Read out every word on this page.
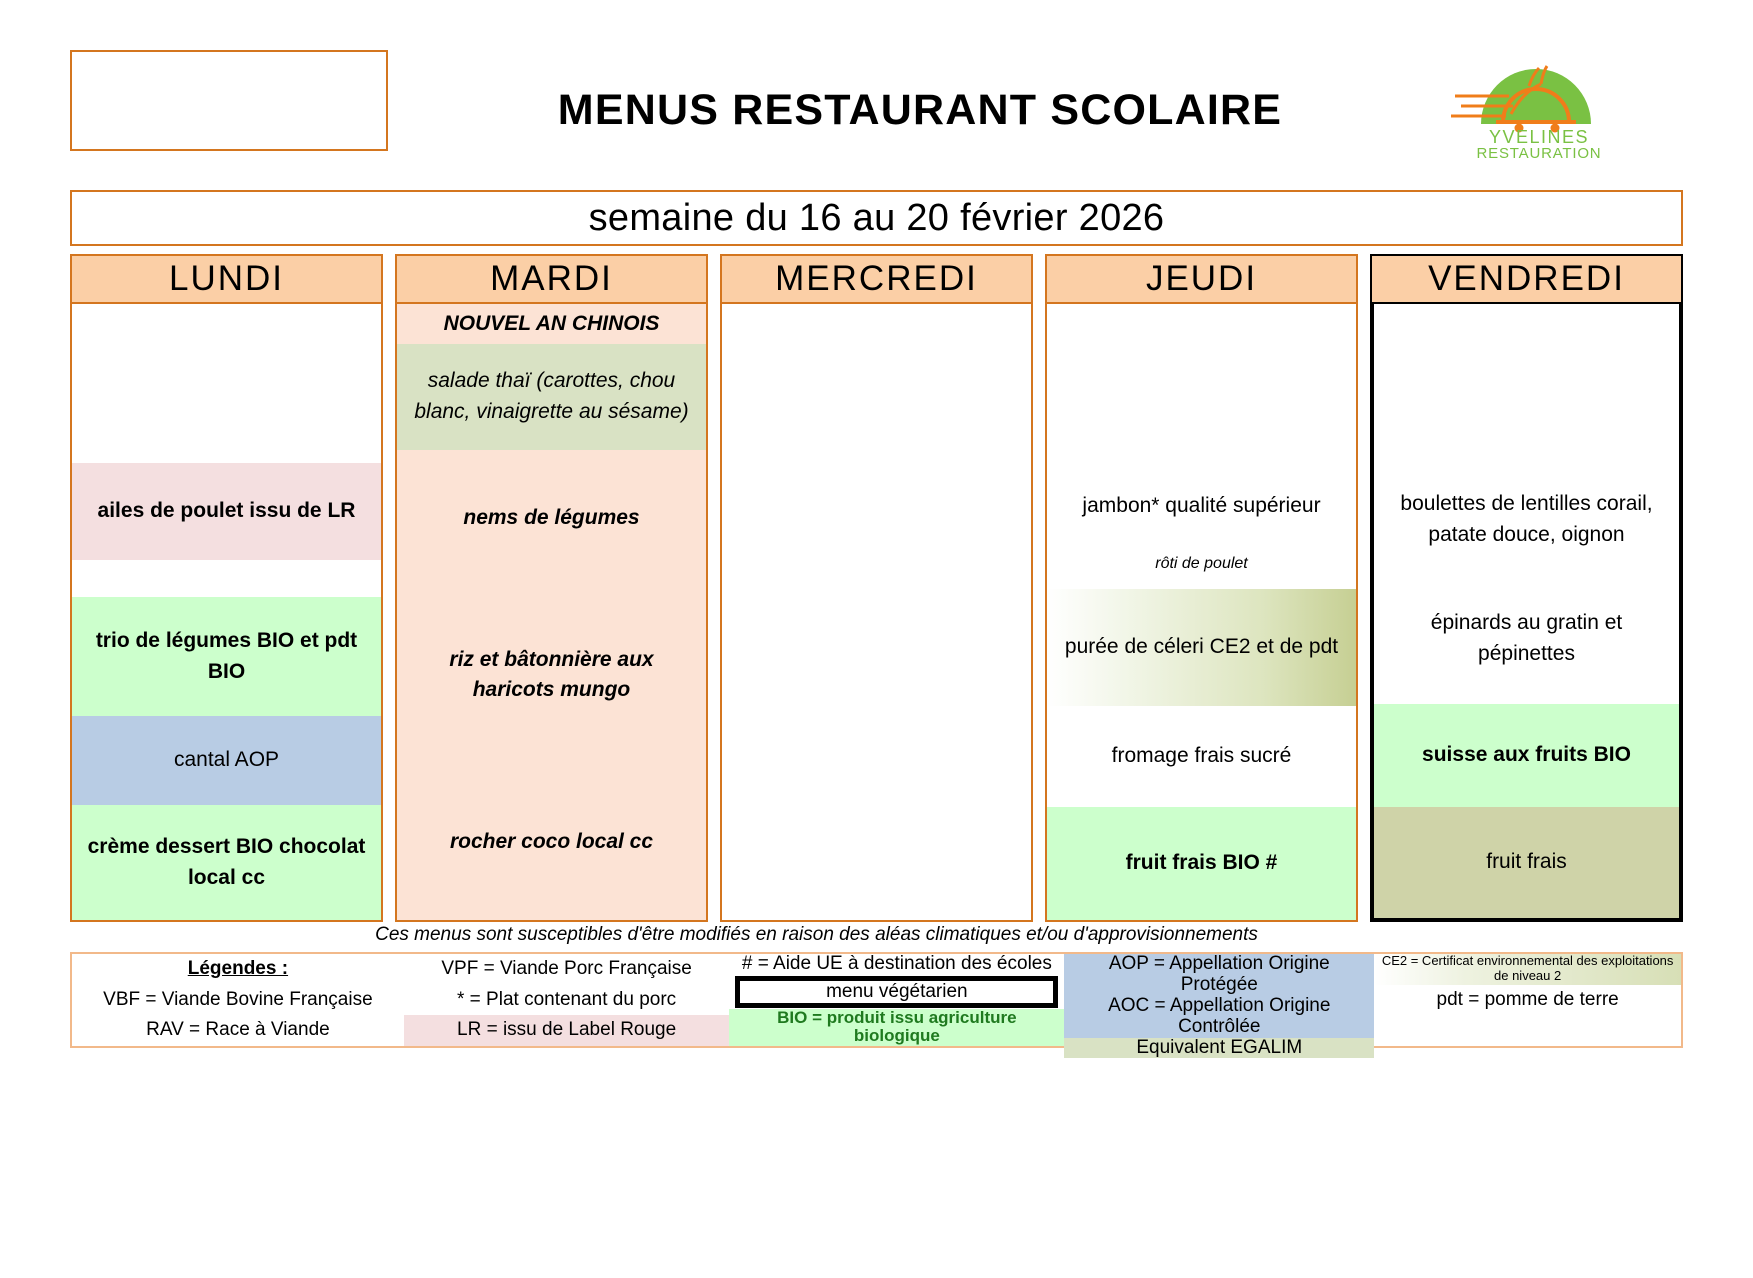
MENUS RESTAURANT SCOLAIRE
YVELINES
RESTAURATION
semaine du 16 au 20 février 2026
LUNDI
ailes de poulet issu de LR
trio de légumes BIO et pdt BIO
cantal AOP
crème dessert BIO chocolat local cc
MARDI
NOUVEL AN CHINOIS
salade thaï (carottes, chou blanc, vinaigrette au sésame)
nems de légumes
riz et bâtonnière aux haricots mungo
rocher coco local cc
MERCREDI	JEUDI
jambon* qualité supérieur
rôti de poulet
purée de céleri CE2 et de pdt
fromage frais sucré
fruit frais BIO #
VENDREDI
boulettes de lentilles corail, patate douce, oignon
épinards au gratin et pépinettes
suisse aux fruits BIO
fruit frais
Ces menus sont susceptibles d'être modifiés en raison des aléas climatiques et/ou d'approvisionnements
Légendes :
VBF = Viande Bovine Française
RAV = Race à Viande
VPF = Viande Porc Française
* = Plat contenant du porc
LR = issu de Label Rouge
# = Aide UE à destination des écoles
menu végétarien
BIO = produit issu agriculture biologique
AOP = Appellation Origine Protégée
AOC = Appellation Origine Contrôlée
Equivalent EGALIM
CE2 = Certificat environnemental des exploitations de niveau 2
pdt = pomme de terre
